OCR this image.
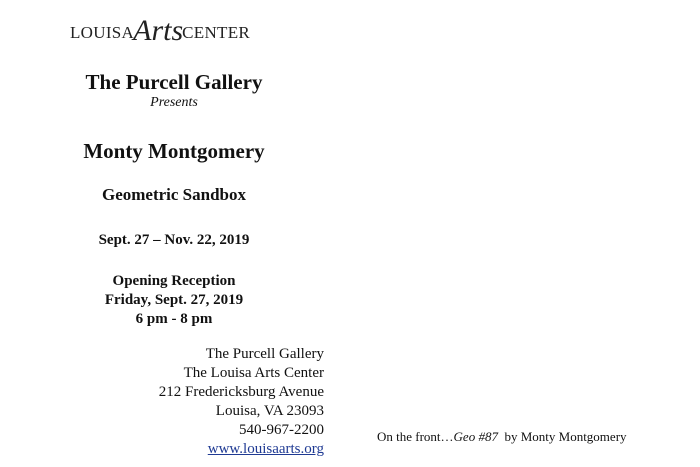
LOUISA Arts CENTER
The Purcell Gallery
Presents
Monty Montgomery
Geometric Sandbox
Sept. 27 – Nov. 22, 2019
Opening Reception
Friday, Sept. 27, 2019
6 pm - 8 pm
The Purcell Gallery
The Louisa Arts Center
212 Fredericksburg Avenue
Louisa, VA 23093
540-967-2200
www.louisaarts.org
On the front…Geo #87  by Monty Montgomery
